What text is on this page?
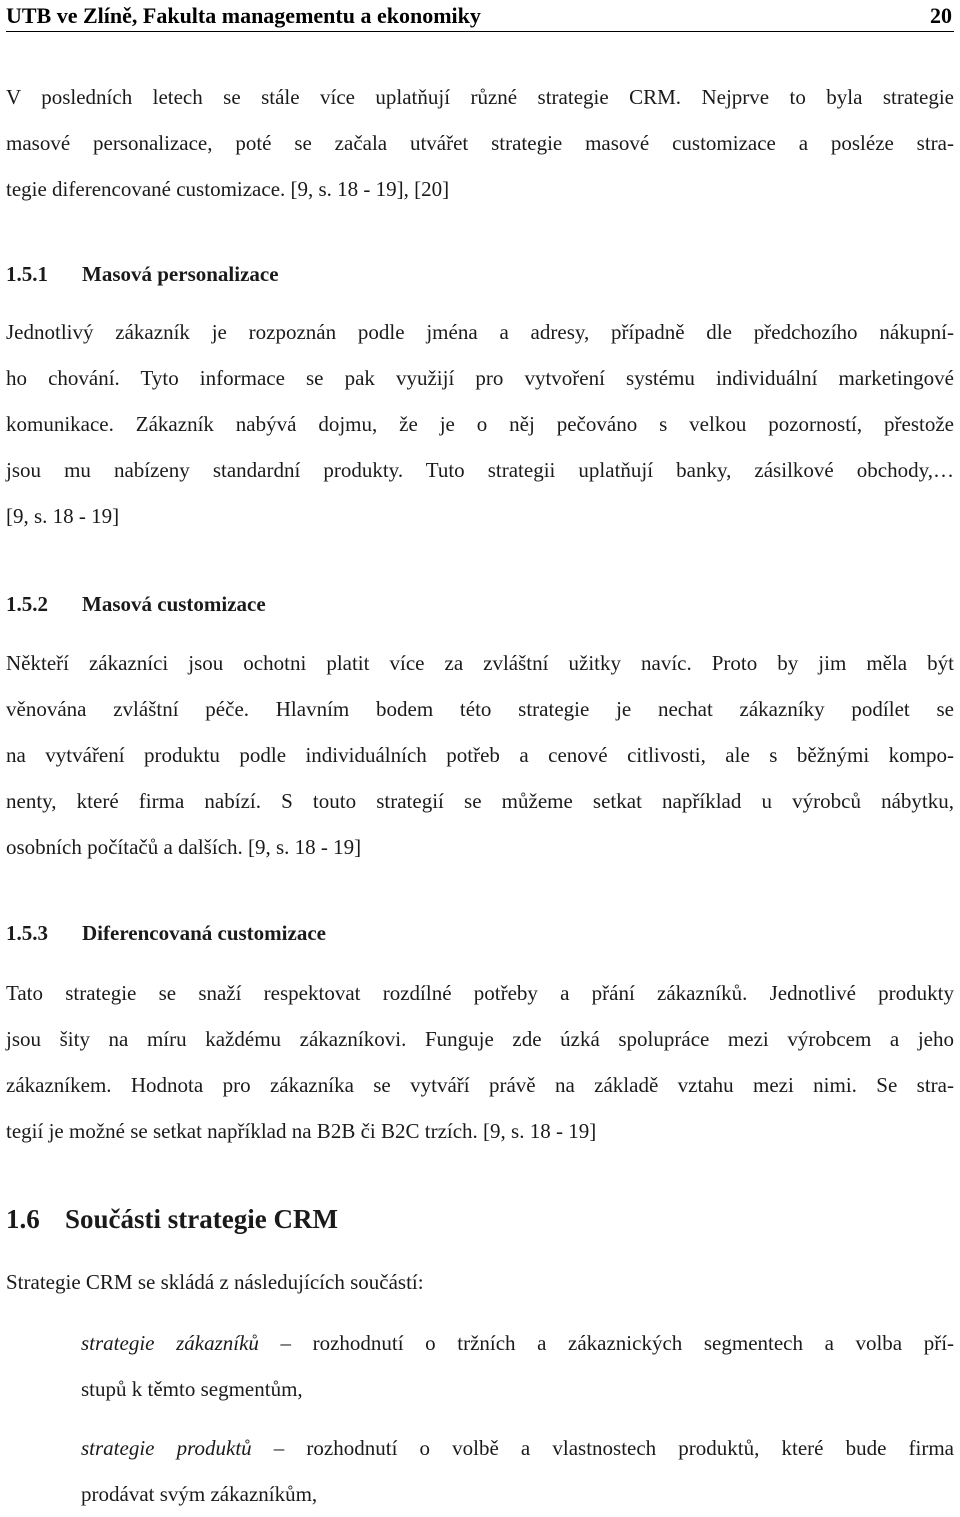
UTB ve Zlíně, Fakulta managementu a ekonomiky	20
V posledních letech se stále více uplatňují různé strategie CRM. Nejprve to byla strategie
masové personalizace, poté se začala utvářet strategie masové customizace a posléze stra-
tegie diferencované customizace. [9, s. 18 - 19], [20]
1.5.1 Masová personalizace
Jednotlivý zákazník je rozpoznán podle jména a adresy, případně dle předchozího nákupní-
ho chování. Tyto informace se pak využijí pro vytvoření systému individuální marketingové
komunikace. Zákazník nabývá dojmu, že je o něj pečováno s velkou pozorností, přestože
jsou mu nabízeny standardní produkty. Tuto strategii uplatňují banky, zásilkové obchody,…
[9, s. 18 - 19]
1.5.2 Masová customizace
Někteří zákazníci jsou ochotni platit více za zvláštní užitky navíc. Proto by jim měla být
věnována zvláštní péče. Hlavním bodem této strategie je nechat zákazníky podílet se
na vytváření produktu podle individuálních potřeb a cenové citlivosti, ale s běžnými kompo-
nenty, které firma nabízí. S touto strategií se můžeme setkat například u výrobců nábytku,
osobních počítačů a dalších. [9, s. 18 - 19]
1.5.3 Diferencovaná customizace
Tato strategie se snaží respektovat rozdílné potřeby a přání zákazníků. Jednotlivé produkty
jsou šity na míru každému zákazníkovi. Funguje zde úzká spolupráce mezi výrobcem a jeho
zákazníkem. Hodnota pro zákazníka se vytváří právě na základě vztahu mezi nimi. Se stra-
tegií je možné se setkat například na B2B či B2C trzích. [9, s. 18 - 19]
1.6 Součásti strategie CRM
Strategie CRM se skládá z následujících součástí:
strategie zákazníků – rozhodnutí o tržních a zákaznických segmentech a volba pří-
stupů k těmto segmentům,
strategie produktů – rozhodnutí o volbě a vlastnostech produktů, které bude firma
prodávat svým zákazníkům,
